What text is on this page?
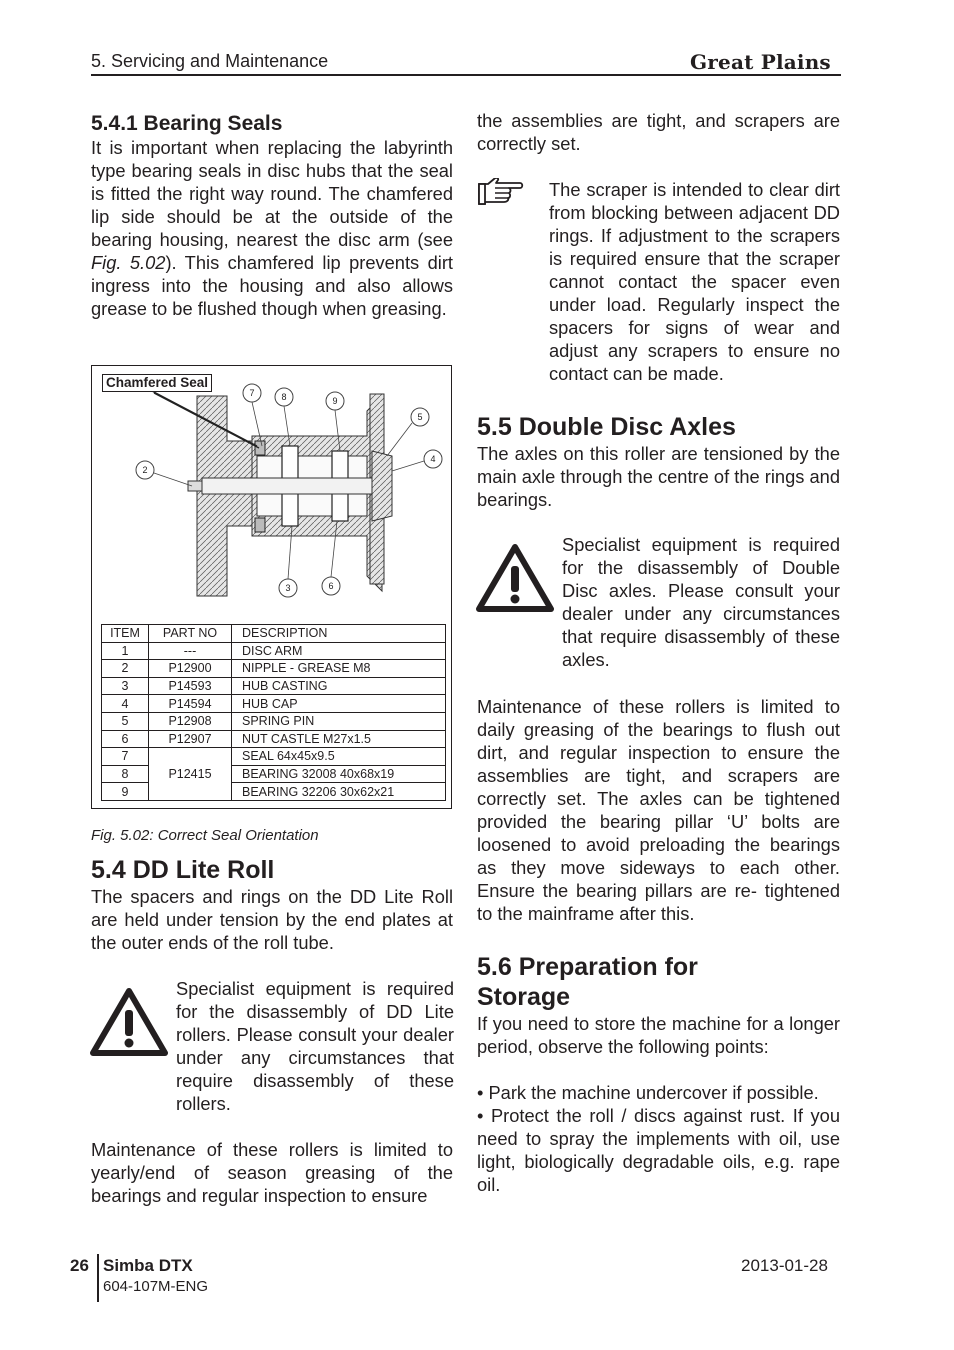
5. Servicing and Maintenance	Great Plains
5.4.1 Bearing Seals

It is important when replacing the labyrinth type bearing seals in disc hubs that the seal is fitted the right way round. The chamfered lip side should be at the outside of the bearing housing, nearest the disc arm (see Fig. 5.02). This chamfered lip prevents dirt ingress into the housing and also allows grease to be flushed though when greasing.

7	8	9
5
2
4
3	6
Chamfered Seal
ITEM	PART NO	DESCRIPTION
1	---	DISC ARM
2	P12900	NIPPLE - GREASE M8
3	P14593	HUB CASTING
4	P14594	HUB CAP
5	P12908	SPRING PIN
6	P12907	NUT CASTLE M27x1.5
7	P12415	SEAL 64x45x9.5
8		BEARING 32008 40x68x19
9		BEARING 32206 30x62x21
Fig. 5.02: Correct Seal Orientation
5.4 DD Lite Roll

The spacers and rings on the DD Lite Roll are held under tension by the end plates at the outer ends of the roll tube.

Specialist equipment is required for the disassembly of DD Lite rollers. Please consult your dealer under any circumstances that require disassembly of these rollers.
Maintenance of these rollers is limited to yearly/end of season greasing of the bearings and regular inspection to ensure
the assemblies are tight, and scrapers are correctly set.
The scraper is intended to clear dirt from blocking between adjacent DD rings. If adjustment to the scrapers is required ensure that the scraper cannot contact the spacer even under load. Regularly inspect the spacers for signs of wear and adjust any scrapers to ensure no contact can be made.
5.5 Double Disc Axles

The axles on this roller are tensioned by the main axle through the centre of the rings and bearings.

Specialist equipment is required for the disassembly of Double Disc axles. Please consult your dealer under any circumstances that require disassembly of these axles.
Maintenance of these rollers is limited to daily greasing of the bearings to flush out dirt, and regular inspection to ensure the assemblies are tight, and scrapers are correctly set. The axles can be tightened provided the bearing pillar ‘U’ bolts are loosened to avoid preloading the bearings as they move sideways to each other. Ensure the bearing pillars are re- tightened to the mainframe after this.
5.6 Preparation for
Storage

If you need to store the machine for a longer period, observe the following points:

• Park the machine undercover if possible.

• Protect the roll / discs against rust. If you need to spray the implements with oil, use light, biologically degradable oils, e.g. rape oil.

26 Simba DTX
604-107M-ENG
2013-01-28
